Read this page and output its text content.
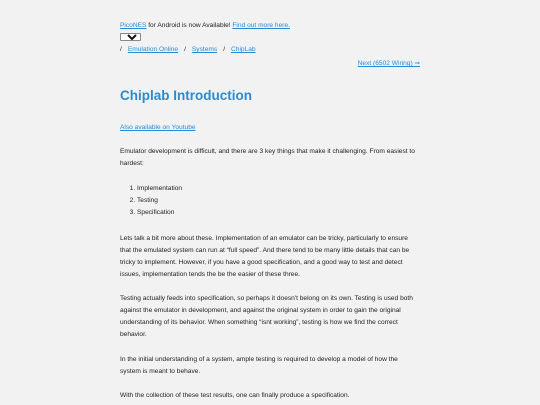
PicoNES for Android is now Available! Find out more here.
light
/ Emulation Online / Systems / ChipLab
Next (6502 Wiring) ⇒
Chiplab Introduction
Also available on Youtube

Emulator development is difficult, and there are 3 key things that make it challenging. From easiest to hardest:

1. Implementation
2. Testing
3. Specification

Lets talk a bit more about these. Implementation of an emulator can be tricky, particularly to ensure that the emulated system can run at “full speed”. And there tend to be many little details that can be tricky to implement. However, if you have a good specification, and a good way to test and detect issues, implementation tends the be the easier of these three.

Testing actually feeds into specification, so perhaps it doesn't belong on its own. Testing is used both against the emulator in development, and against the original system in order to gain the original understanding of its behavior. When something “isnt working”, testing is how we find the correct behavior.

In the initial understanding of a system, ample testing is required to develop a model of how the system is meant to behave.

With the collection of these test results, one can finally produce a specification.
